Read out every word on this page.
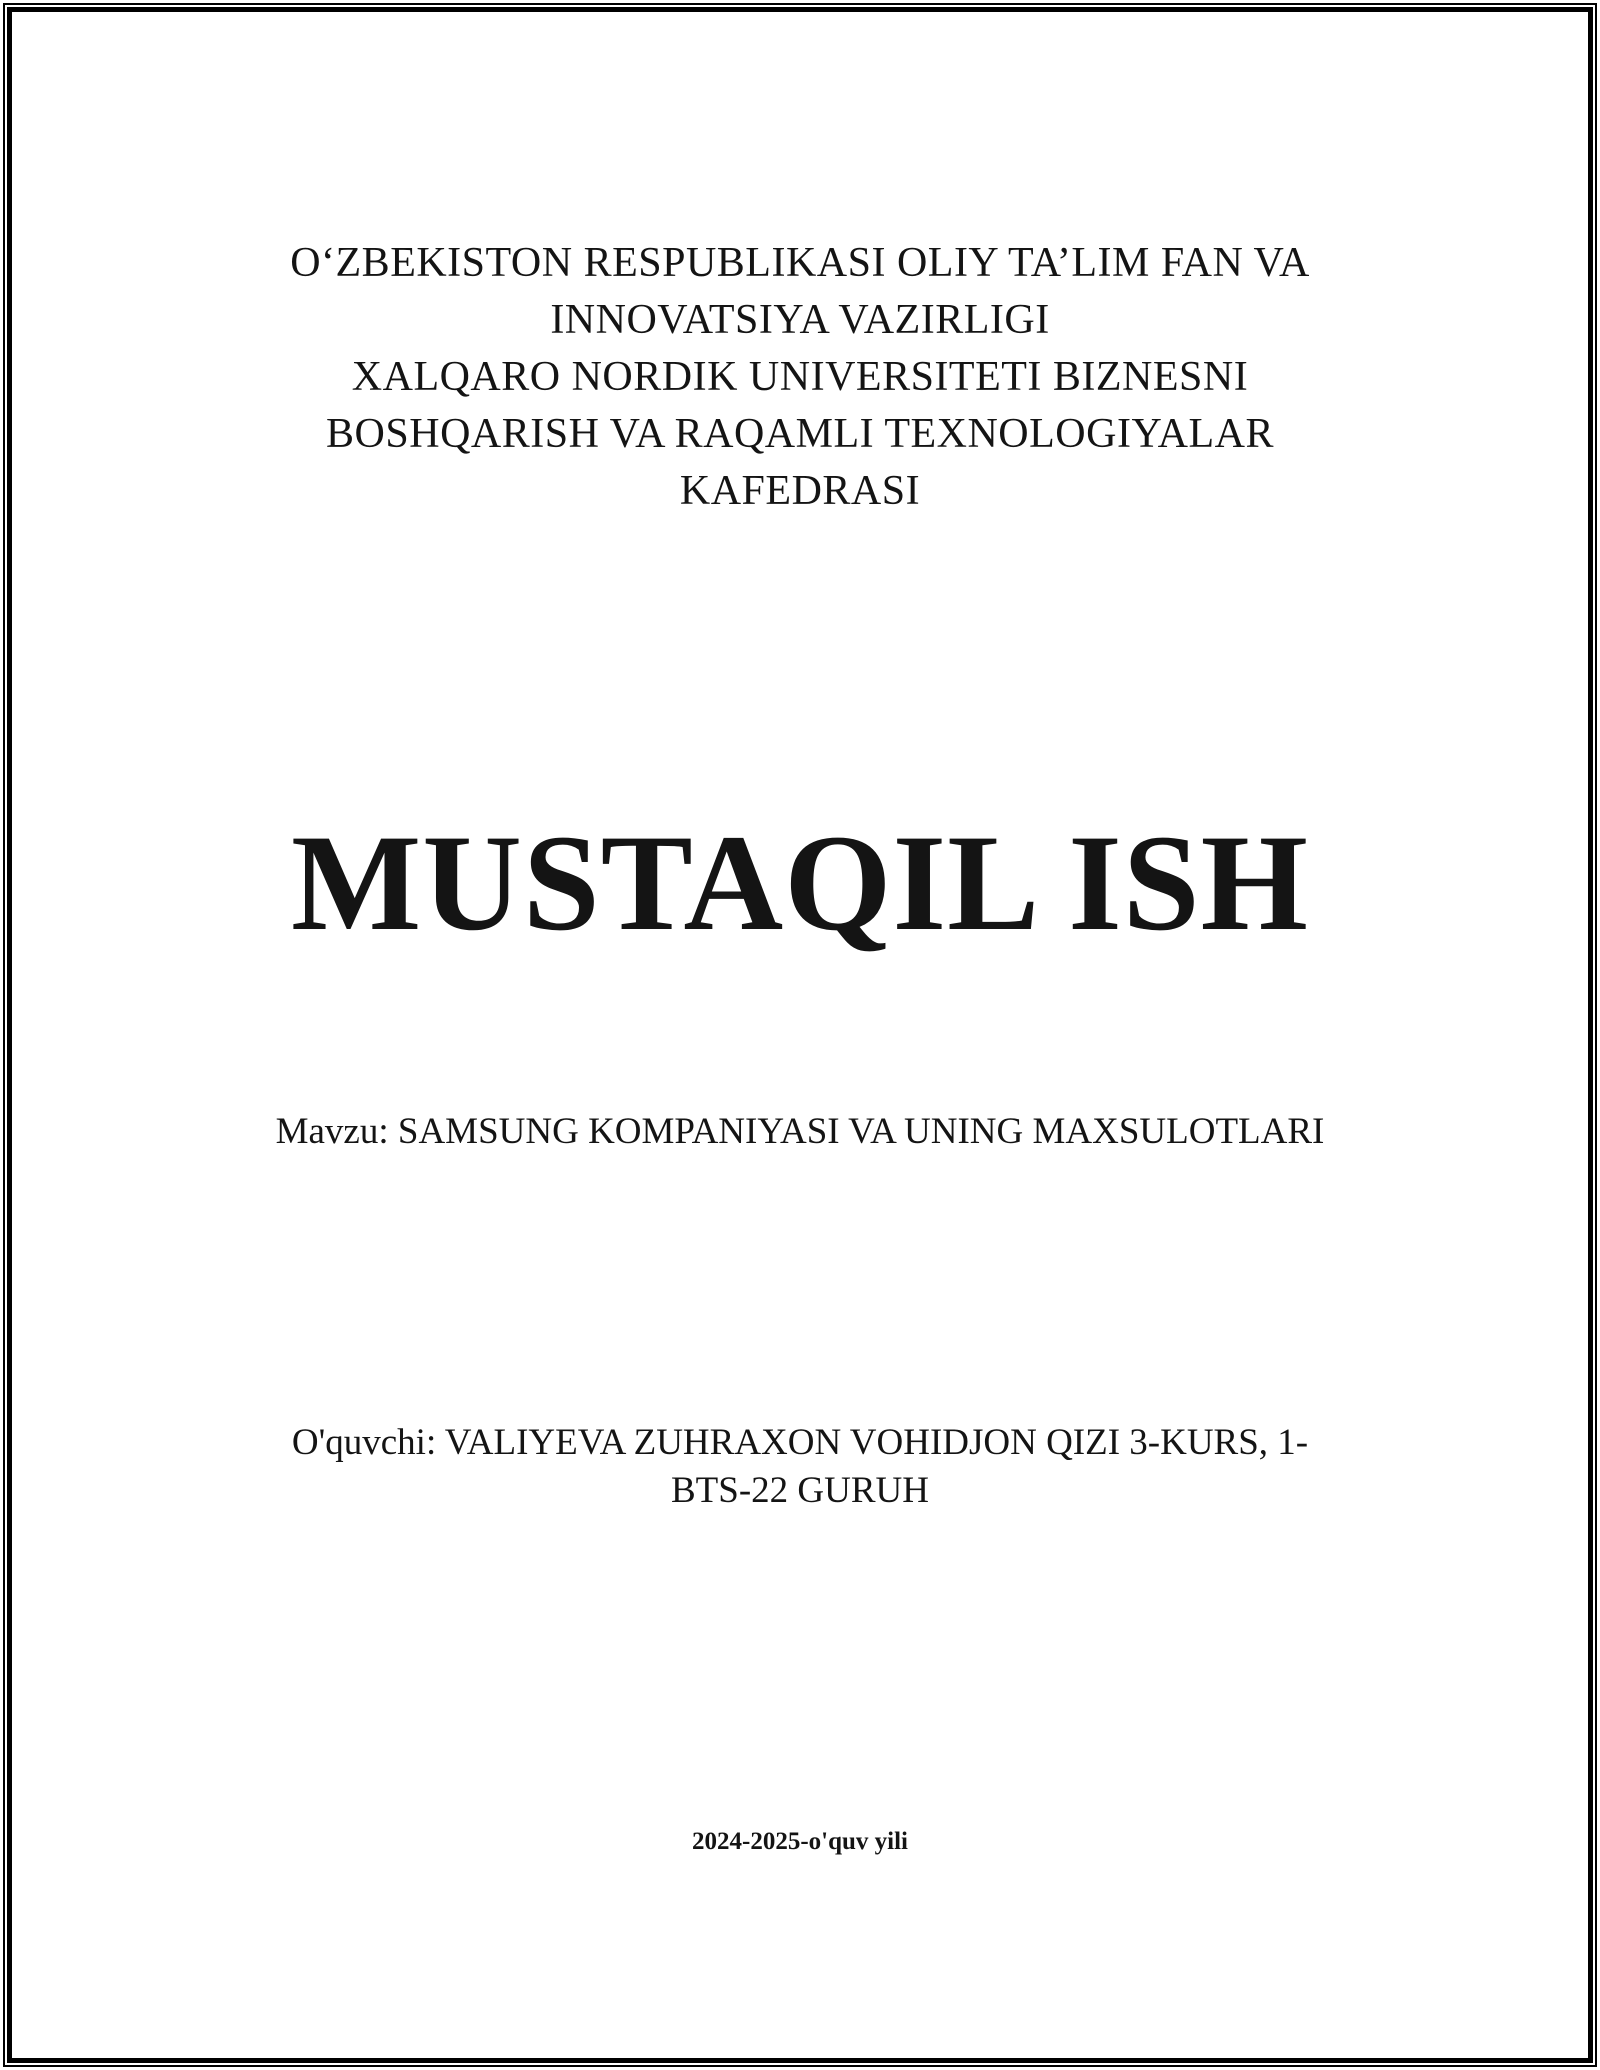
O‘ZBEKISTON RESPUBLIKASI OLIY TA’LIM FAN VA
INNOVATSIYA VAZIRLIGI
XALQARO NORDIK UNIVERSITETI BIZNESNI
BOSHQARISH VA RAQAMLI TEXNOLOGIYALAR
KAFEDRASI
MUSTAQIL ISH
Mavzu: SAMSUNG KOMPANIYASI VA UNING MAXSULOTLARI
O'quvchi: VALIYEVA ZUHRAXON VOHIDJON QIZI 3-KURS, 1-
BTS-22 GURUH
2024-2025-o'quv yili
